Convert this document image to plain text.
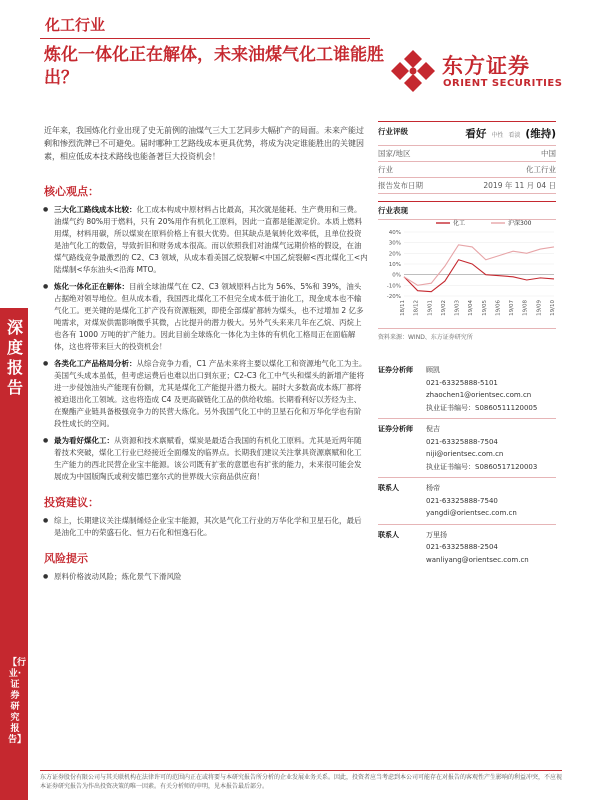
化工行业
炼化一体化正在解体，未来油煤气化工谁能胜出？	东方证券
ORIENT SECURITIES
深度报告
【行业·证券研究报告】
近年来，我国炼化行业出现了史无前例的油煤气三大工艺同步大幅扩产的局面。未来产能过剩和惨烈洗牌已不可避免。届时哪种工艺路线成本更具优势，将成为决定谁能胜出的关键因素，相应低成本技术路线也能备著巨大投资机会！
核心观点：
● 三大化工路线成本比较：化工成本构成中原材料占比最高，其次就是能耗、生产费用和三费。油煤气约 80%用于燃料，只有 20%用作有机化工原料，因此一直都是能源定价。本质上燃料用煤，材料用碳，所以煤炭在原料价格上有很大优势。但其缺点是氧转化效率低，且单位投资是油气化工的数倍，导致折旧和财务成本很高。而以依照我们对油煤气远期价格的假设，在油煤气路线竞争最激烈的 C2、C3 领域，从成本看美国乙烷裂解<中国乙烷裂解<西北煤化工<内陆煤制<华东油头<沿海 MTO。
● 炼化一体化正在解体：目前全球油煤气在 C2、C3 领域原料占比为 56%、5%和 39%，油头占据绝对领导地位。但从成本看，我国西北煤化工不但完全成本低于油化工，现金成本也不输气化工。更关键的是煤化工扩产没有资源瓶颈，即使全部煤矿都转为煤头，也不过增加 2 亿多吨需求，对煤炭供需影响微乎其微，占比提升的潜力极大。另外气头来来几年在乙烷、丙烷上也各有 1000 万吨的扩产能力。因此目前全球炼化一体化为主体的有机化工格局正在面临解体，这也将带来巨大的投资机会！
● 各类化工产品格局分析：从综合竞争力看，C1 产品未来将主要以煤化工和资源地气化工为主。美国气头成本虽低，但考虑运费后也难以出口到东亚；C2-C3 化工中气头和煤头的新增产能将进一步侵蚀油头产能现有份额，尤其是煤化工产能提升潜力极大。届时大多数高成本炼厂都将被迫退出化工领域。这也将造成 C4 及更高碳链化工品的供给收缩。长期看利好以芳烃为主、在聚酯产业链具备极强竞争力的民营大炼化。另外我国气化工中的卫星石化和万华化学也有阶段性成长的空间。
● 最为看好煤化工：从资源和技术禀赋看，煤炭是最适合我国的有机化工原料。尤其是近两年随着技术突破，煤化工行业已经接近全面爆发的临界点。长期我们建议关注掌具资源禀赋和化工生产能力的西北民营企业宝丰能源。该公司既有扩张的意愿也有扩张的能力，未来很可能会发展成为中国版陶氏或利安德巴塞尔式的世界级大宗商品供应商！
投资建议：
● 综上，长期建议关注煤制烯烃企业宝丰能源，其次是气化工行业的万华化学和卫星石化，最后是油化工中的荣盛石化、恒力石化和恒逸石化。
风险提示
● 原料价格波动风险；炼化景气下滑风险
行业评级	看好 中性 看淡 (维持)
国家/地区	中国
行业	化工行业
报告发布日期	2019 年 11 月 04 日
行业表现
40%
30%
20%
10%
0%
-10%
-20%
18/11 18/12 19/01 19/02 19/03 19/04 19/05 19/06 19/07 19/08 19/09 19/10
化工	沪深300
资料来源：WIND、东方证券研究所
证券分析师	顾凯
021-63325888-5101
zhaochen1@orientsec.com.cn
执业证书编号：S0860511120005
证券分析师	倪吉
021-63325888-7504
niji@orientsec.com.cn
执业证书编号：S0860517120003
联系人	杨帝
021-63325888-7540
yangdi@orientsec.com.cn
联系人	万里扬
021-63325888-2504
wanliyang@orientsec.com.cn
东方证券股份有限公司与其关联机构在法律许可的范围内正在或将要与本研究报告所分析的企业发展业务关系。因此，投资者应当考虑到本公司可能存在对报告的客观性产生影响的利益冲突，不应视本证券研究报告为作出投资决策的唯一因素。有关分析师的申明，见本报告最后部分。
